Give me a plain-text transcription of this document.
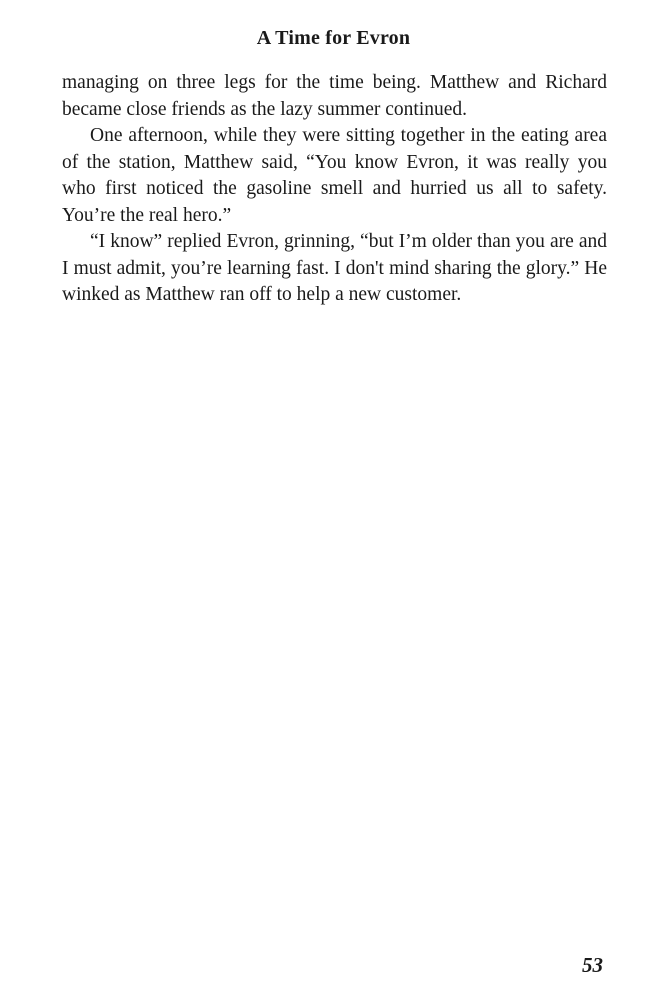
A Time for Evron

managing on three legs for the time being. Matthew and Richard became close friends as the lazy summer continued.

One afternoon, while they were sitting together in the eating area of the station, Matthew said, “You know Evron, it was really you who first noticed the gasoline smell and hurried us all to safety. You’re the real hero.”

“I know” replied Evron, grinning, “but I’m older than you are and I must admit, you’re learning fast. I don't mind sharing the glory.” He winked as Matthew ran off to help a new customer.

53
